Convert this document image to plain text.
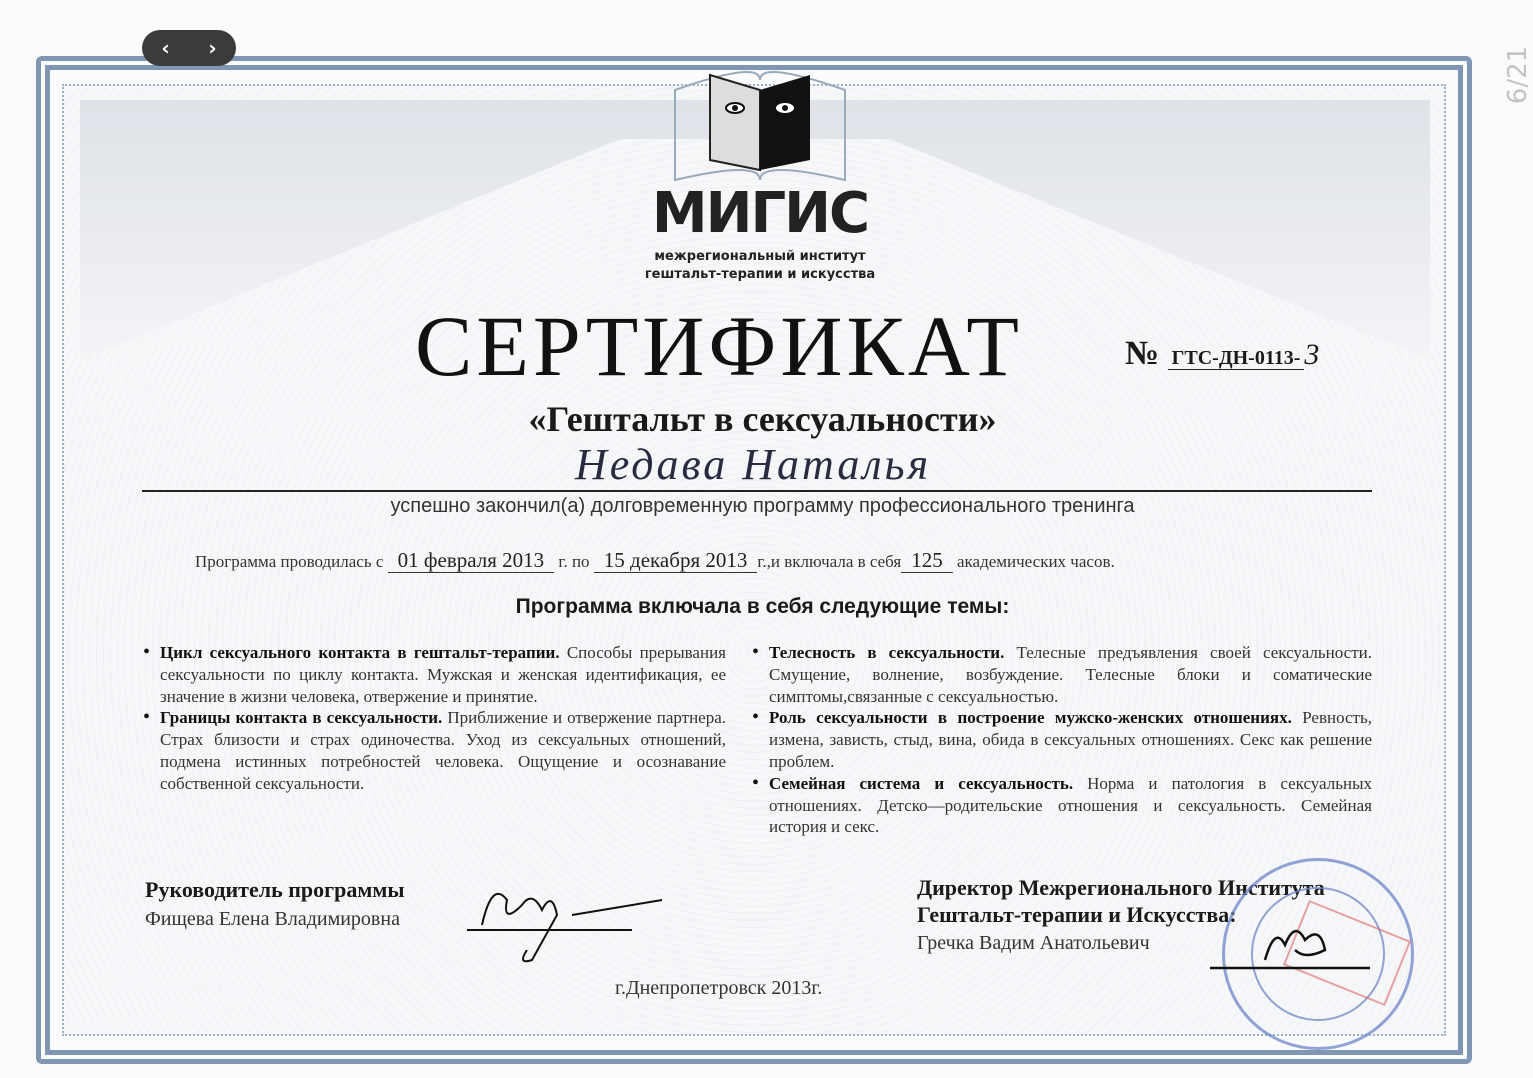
‹ ›	6/21
МИГИС
межрегиональный институт
гештальт-терапии и искусства
СЕРТИФИКАТ	№ ГТС-ДН-0113- 3
«Гештальт в сексуальности»
Недава Наталья
успешно закончил(а) долговременную программу профессионального тренинга
Программа проводилась с 01 февраля 2013 г. по 15 декабря 2013 г.,и включала в себя 125 академических часов.
Программа включала в себя следующие темы:
• Цикл сексуального контакта в гештальт-терапии. Способы прерывания сексуальности по циклу контакта. Мужская и женская идентификация, ее значение в жизни человека, отвержение и принятие.
• Границы контакта в сексуальности. Приближение и отвержение партнера. Страх близости и страх одиночества. Уход из сексуальных отношений, подмена истинных потребностей человека. Ощущение и осознавание собственной сексуальности.
• Телесность в сексуальности. Телесные предъявления своей сексуальности. Смущение, волнение, возбуждение. Телесные блоки и соматические симптомы,связанные с сексуальностью.
• Роль сексуальности в построение мужско-женских отношениях. Ревность, измена, зависть, стыд, вина, обида в сексуальных отношениях. Секс как решение проблем.
• Семейная система и сексуальность. Норма и патология в сексуальных отношениях. Детско—родительские отношения и сексуальность. Семейная история и секс.
Руководитель программы
Фищева Елена Владимировна
Директор Межрегионального Института
Гештальт-терапии и Искусства:
Гречка Вадим Анатольевич
г.Днепропетровск 2013г.
